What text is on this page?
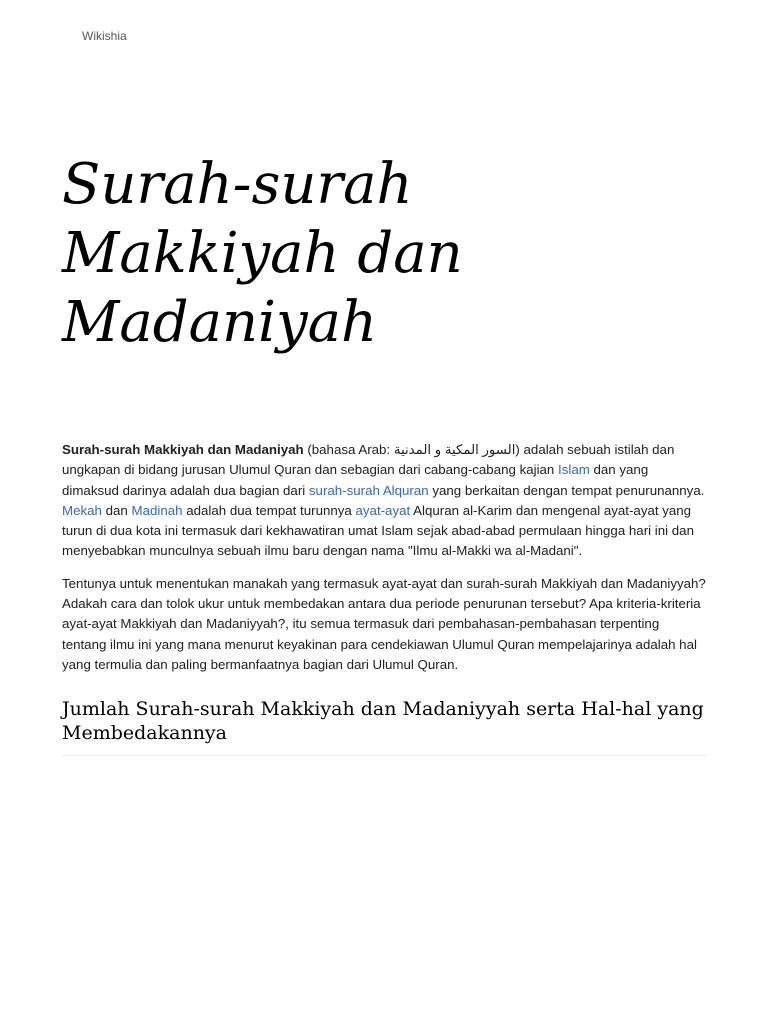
Wikishia
Surah-surah Makkiyah dan Madaniyah

Surah-surah Makkiyah dan Madaniyah (bahasa Arab: السور المكية و المدنية) adalah sebuah istilah dan ungkapan di bidang jurusan Ulumul Quran dan sebagian dari cabang-cabang kajian Islam dan yang dimaksud darinya adalah dua bagian dari surah-surah Alquran yang berkaitan dengan tempat penurunannya. Mekah dan Madinah adalah dua tempat turunnya ayat-ayat Alquran al-Karim dan mengenal ayat-ayat yang turun di dua kota ini termasuk dari kekhawatiran umat Islam sejak abad-abad permulaan hingga hari ini dan menyebabkan munculnya sebuah ilmu baru dengan nama "Ilmu al-Makki wa al-Madani".

Tentunya untuk menentukan manakah yang termasuk ayat-ayat dan surah-surah Makkiyah dan Madaniyyah? Adakah cara dan tolok ukur untuk membedakan antara dua periode penurunan tersebut? Apa kriteria-kriteria ayat-ayat Makkiyah dan Madaniyyah?, itu semua termasuk dari pembahasan-pembahasan terpenting tentang ilmu ini yang mana menurut keyakinan para cendekiawan Ulumul Quran mempelajarinya adalah hal yang termulia dan paling bermanfaatnya bagian dari Ulumul Quran.

Jumlah Surah-surah Makkiyah dan Madaniyyah serta Hal-hal yang Membedakannya
